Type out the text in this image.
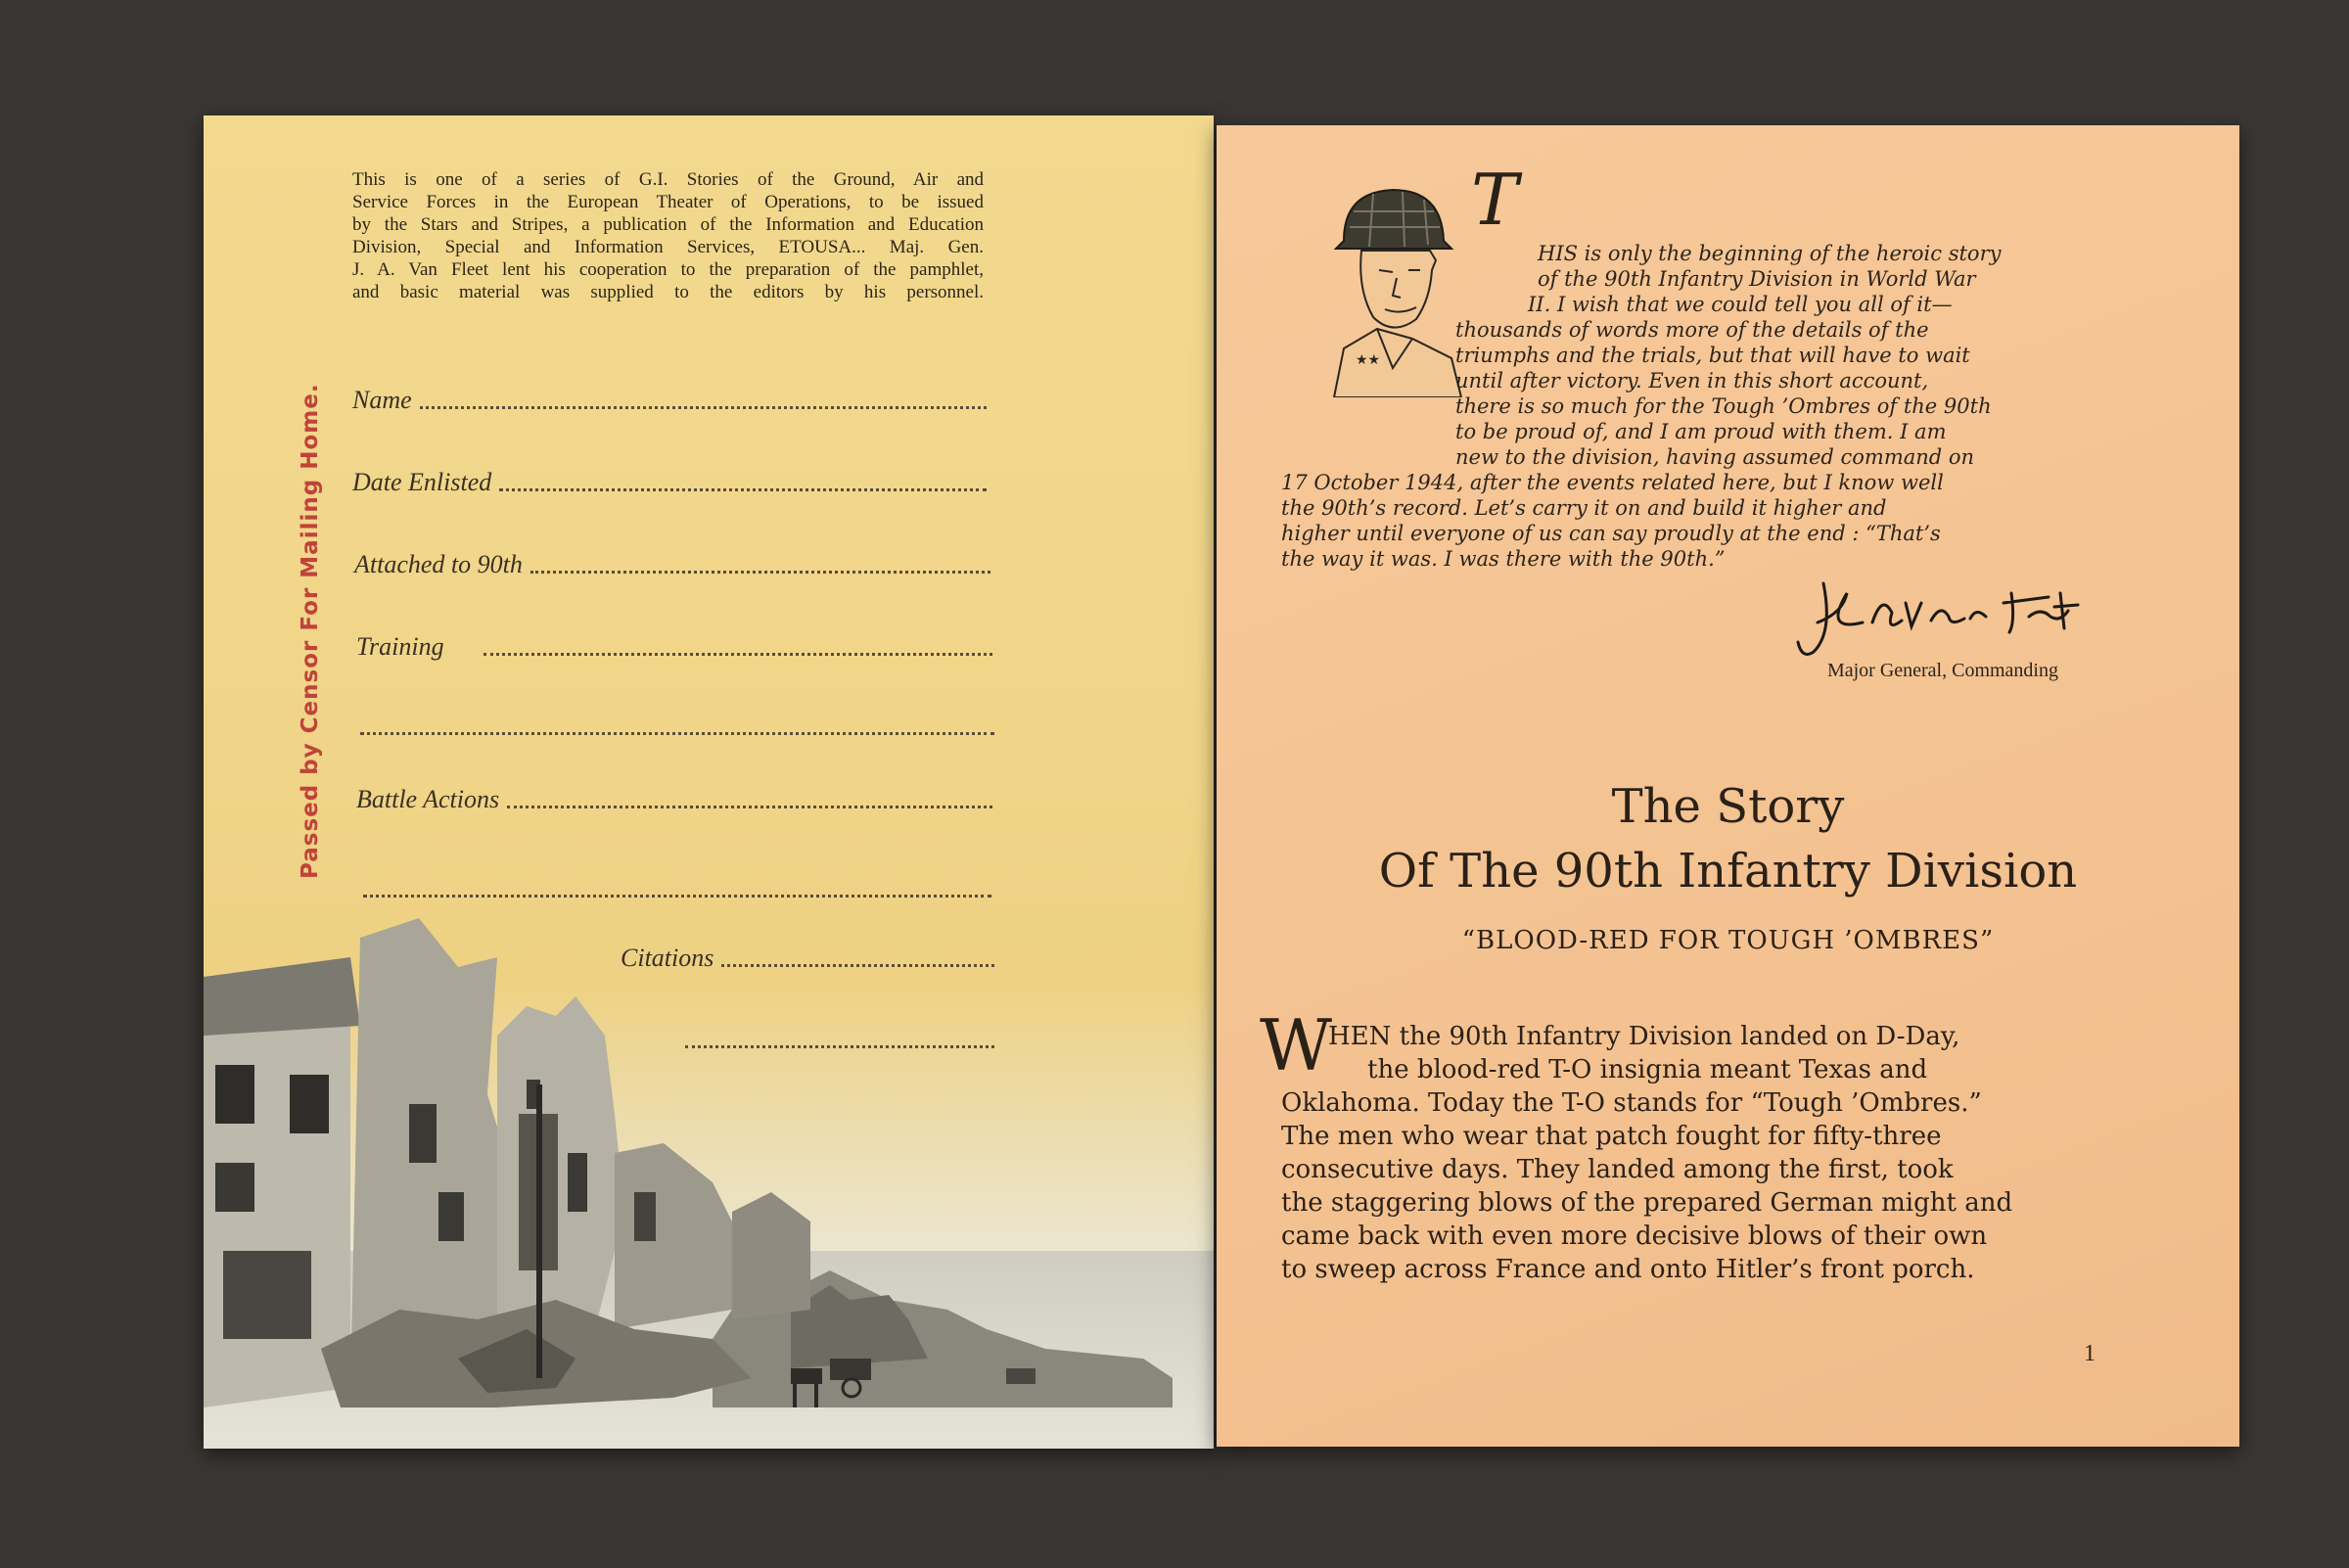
This is one of a series of G.I. Stories of the Ground, Air and
Service Forces in the European Theater of Operations, to be issued
by the Stars and Stripes, a publication of the Information and Education
Division, Special and Information Services, ETOUSA... Maj. Gen.
J. A. Van Fleet lent his cooperation to the preparation of the pamphlet,
and basic material was supplied to the editors by his personnel.
Passed by Censor For Mailing Home. Name
Date Enlisted
Attached to 90th
Training
Battle Actions
Citations
★★
T
HIS is only the beginning of the heroic story
of the 90th Infantry Division in World War
II. I wish that we could tell you all of it—
thousands of words more of the details of the
triumphs and the trials, but that will have to wait
until after victory. Even in this short account,
there is so much for the Tough ’Ombres of the 90th
to be proud of, and I am proud with them. I am
new to the division, having assumed command on
17 October 1944, after the events related here, but I know well
the 90th’s record. Let’s carry it on and build it higher and
higher until everyone of us can say proudly at the end : “That’s
the way it was. I was there with the 90th.”
Major General, Commanding
The Story
Of The 90th Infantry Division
“BLOOD-RED FOR TOUGH ’OMBRES”
W
HEN the 90th Infantry Division landed on D-Day,
the blood-red T-O insignia meant Texas and
Oklahoma. Today the T-O stands for “Tough ’Ombres.”
The men who wear that patch fought for fifty-three
consecutive days. They landed among the first, took
the staggering blows of the prepared German might and
came back with even more decisive blows of their own
to sweep across France and onto Hitler’s front porch.
1
